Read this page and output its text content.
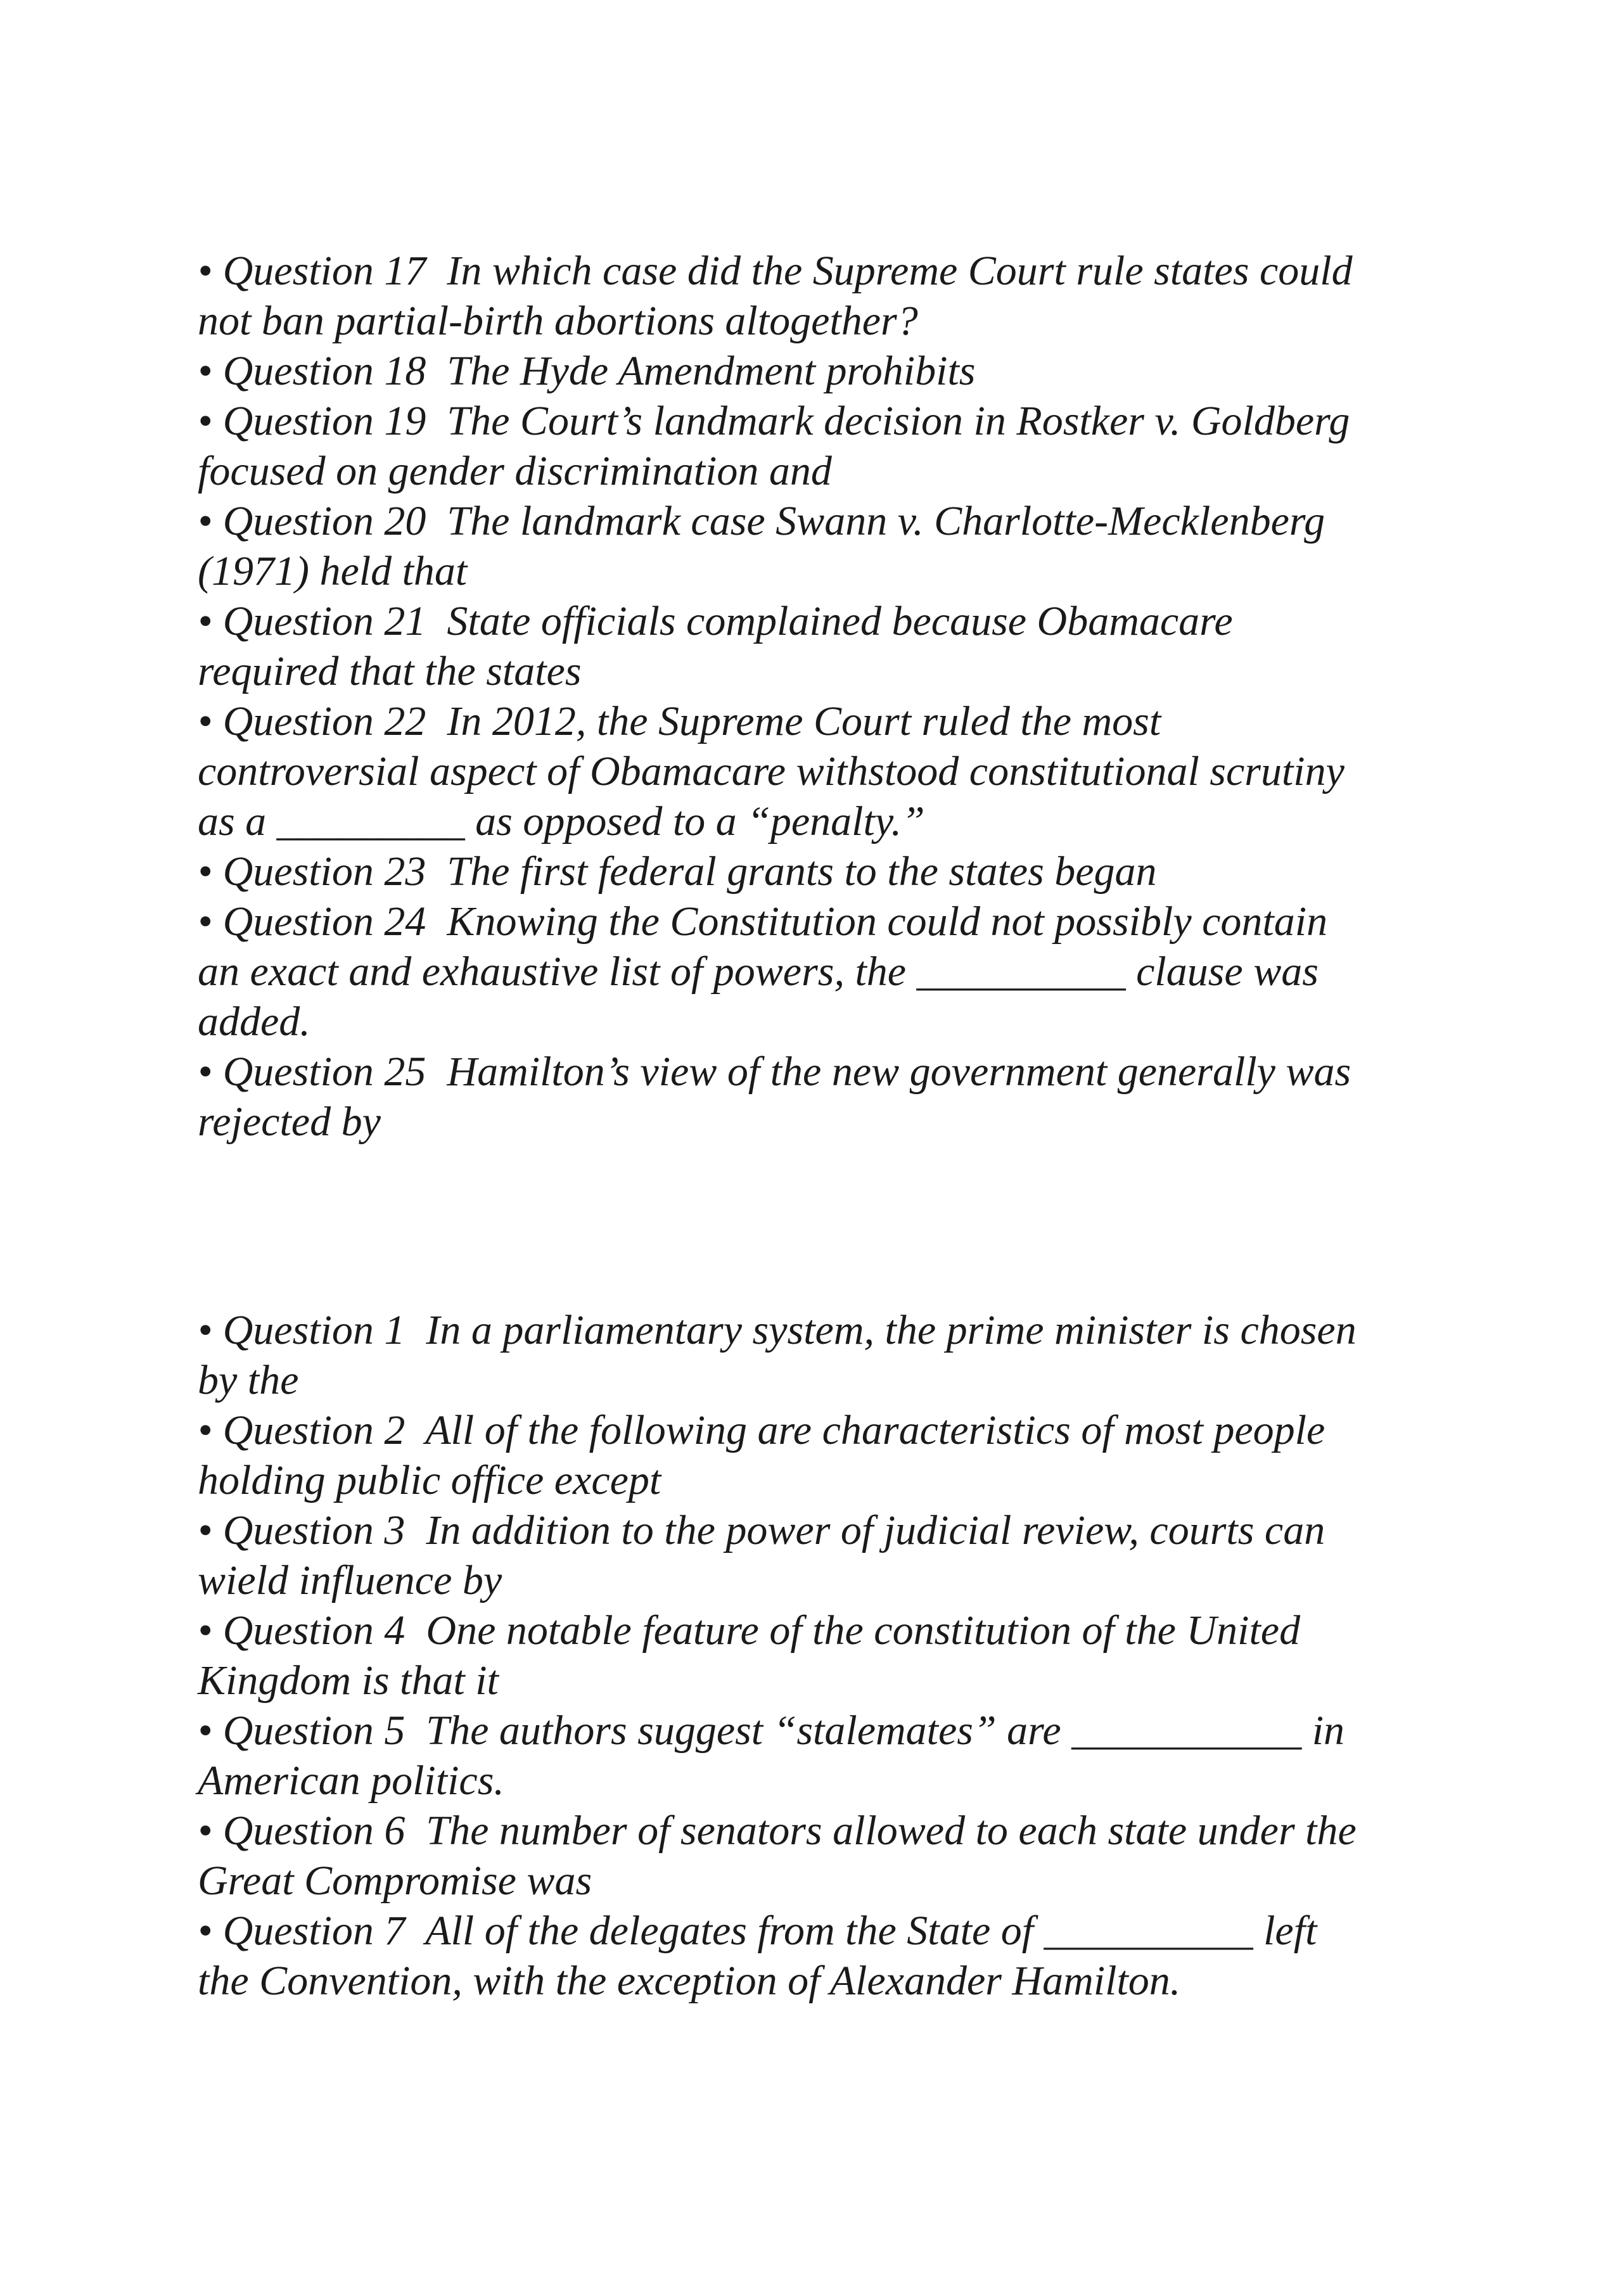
• Question 17  In which case did the Supreme Court rule states could
not ban partial-birth abortions altogether?

• Question 18  The Hyde Amendment prohibits

• Question 19  The Court’s landmark decision in Rostker v. Goldberg
focused on gender discrimination and

• Question 20  The landmark case Swann v. Charlotte-Mecklenberg
(1971) held that

• Question 21  State officials complained because Obamacare
required that the states

• Question 22  In 2012, the Supreme Court ruled the most
controversial aspect of Obamacare withstood constitutional scrutiny
as a _________ as opposed to a “penalty.”

• Question 23  The first federal grants to the states began

• Question 24  Knowing the Constitution could not possibly contain
an exact and exhaustive list of powers, the __________ clause was
added.

• Question 25  Hamilton’s view of the new government generally was
rejected by

• Question 1  In a parliamentary system, the prime minister is chosen
by the

• Question 2  All of the following are characteristics of most people
holding public office except

• Question 3  In addition to the power of judicial review, courts can
wield influence by

• Question 4  One notable feature of the constitution of the United
Kingdom is that it

• Question 5  The authors suggest “stalemates” are ___________ in
American politics.

• Question 6  The number of senators allowed to each state under the
Great Compromise was

• Question 7  All of the delegates from the State of __________ left
the Convention, with the exception of Alexander Hamilton.
